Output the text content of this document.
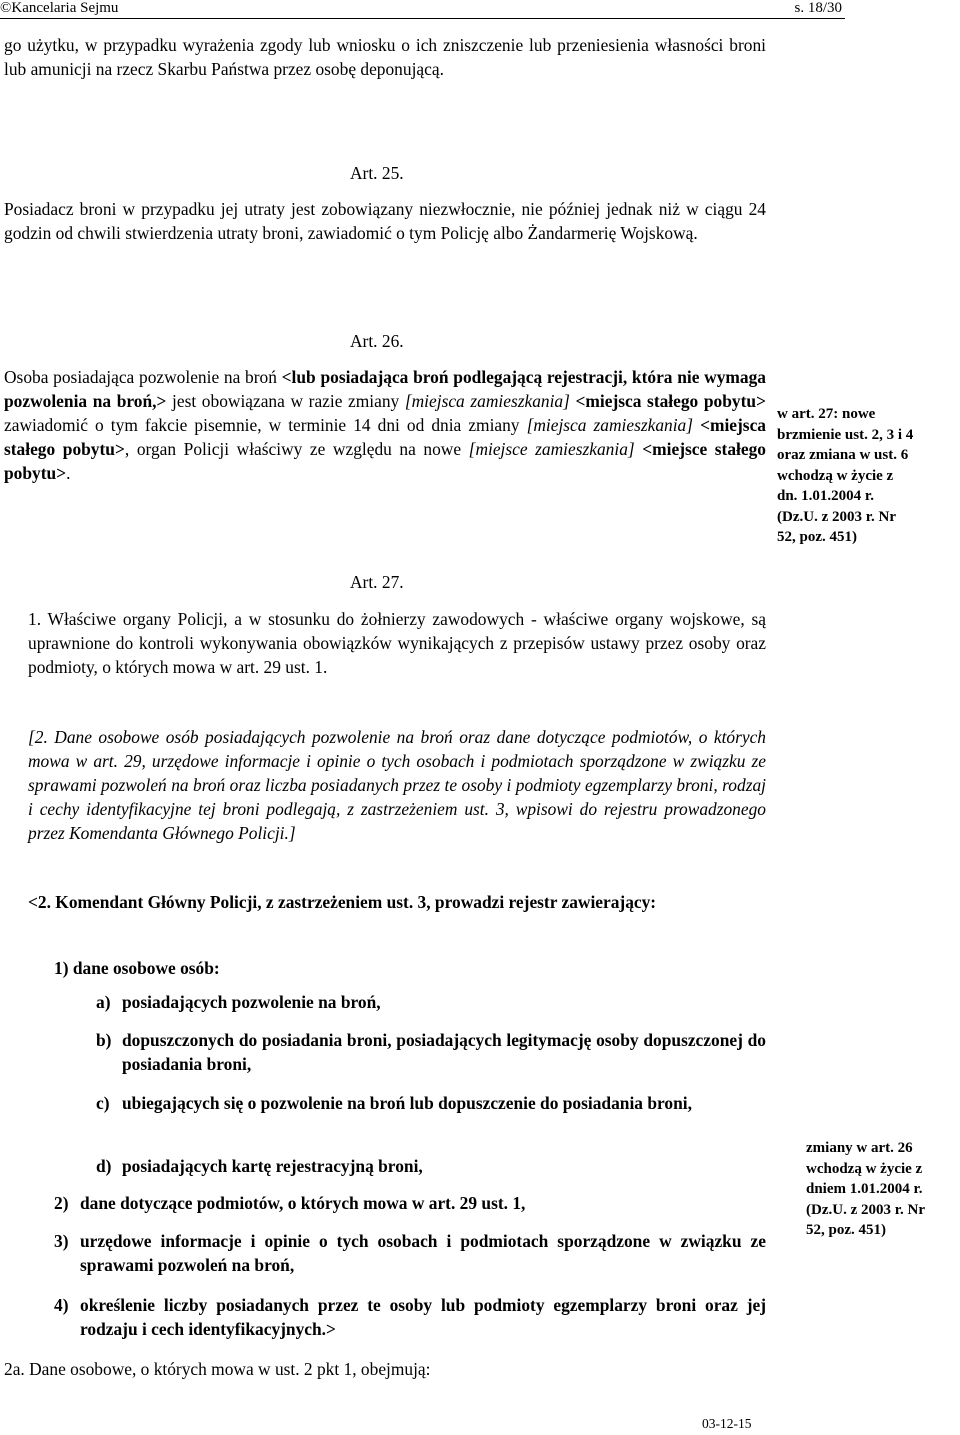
©Kancelaria Sejmu	s. 18/30
go użytku, w przypadku wyrażenia zgody lub wniosku o ich zniszczenie lub przeniesienia własności broni lub amunicji na rzecz Skarbu Państwa przez osobę deponującą.
Art. 25.
Posiadacz broni w przypadku jej utraty jest zobowiązany niezwłocznie, nie później jednak niż w ciągu 24 godzin od chwili stwierdzenia utraty broni, zawiadomić o tym Policję albo Żandarmerię Wojskową.
Art. 26.
Osoba posiadająca pozwolenie na broń <lub posiadająca broń podlegającą rejestracji, która nie wymaga pozwolenia na broń,> jest obowiązana w razie zmiany [miejsca zamieszkania] <miejsca stałego pobytu> zawiadomić o tym fakcie pisemnie, w terminie 14 dni od dnia zmiany [miejsca zamieszkania] <miejsca stałego pobytu>, organ Policji właściwy ze względu na nowe [miejsce zamieszkania] <miejsce stałego pobytu>.
w art. 27: nowe
brzmienie ust. 2, 3 i 4
oraz zmiana w ust. 6
wchodzą w życie z
dn. 1.01.2004 r.
(Dz.U. z 2003 r. Nr
52, poz. 451)
Art. 27.
1. Właściwe organy Policji, a w stosunku do żołnierzy zawodowych - właściwe organy wojskowe, są uprawnione do kontroli wykonywania obowiązków wynikających z przepisów ustawy przez osoby oraz podmioty, o których mowa w art. 29 ust. 1.
[2. Dane osobowe osób posiadających pozwolenie na broń oraz dane dotyczące podmiotów, o których mowa w art. 29, urzędowe informacje i opinie o tych osobach i podmiotach sporządzone w związku ze sprawami pozwoleń na broń oraz liczba posiadanych przez te osoby i podmioty egzemplarzy broni, rodzaj i cechy identyfikacyjne tej broni podlegają, z zastrzeżeniem ust. 3, wpisowi do rejestru prowadzonego przez Komendanta Głównego Policji.]
<2. Komendant Główny Policji, z zastrzeżeniem ust. 3, prowadzi rejestr zawierający:
1) dane osobowe osób:
a) posiadających pozwolenie na broń,
b) dopuszczonych do posiadania broni, posiadających legitymację osoby dopuszczonej do posiadania broni,
c) ubiegających się o pozwolenie na broń lub dopuszczenie do posiadania broni,
d) posiadających kartę rejestracyjną broni,
2) dane dotyczące podmiotów, o których mowa w art. 29 ust. 1,
3) urzędowe informacje i opinie o tych osobach i podmiotach sporządzone w związku ze sprawami pozwoleń na broń,
4) określenie liczby posiadanych przez te osoby lub podmioty egzemplarzy broni oraz jej rodzaju i cech identyfikacyjnych.>
2a. Dane osobowe, o których mowa w ust. 2 pkt 1, obejmują:
zmiany w art. 26
wchodzą w życie z
dniem 1.01.2004 r.
(Dz.U. z 2003 r. Nr
52, poz. 451)
03-12-15
